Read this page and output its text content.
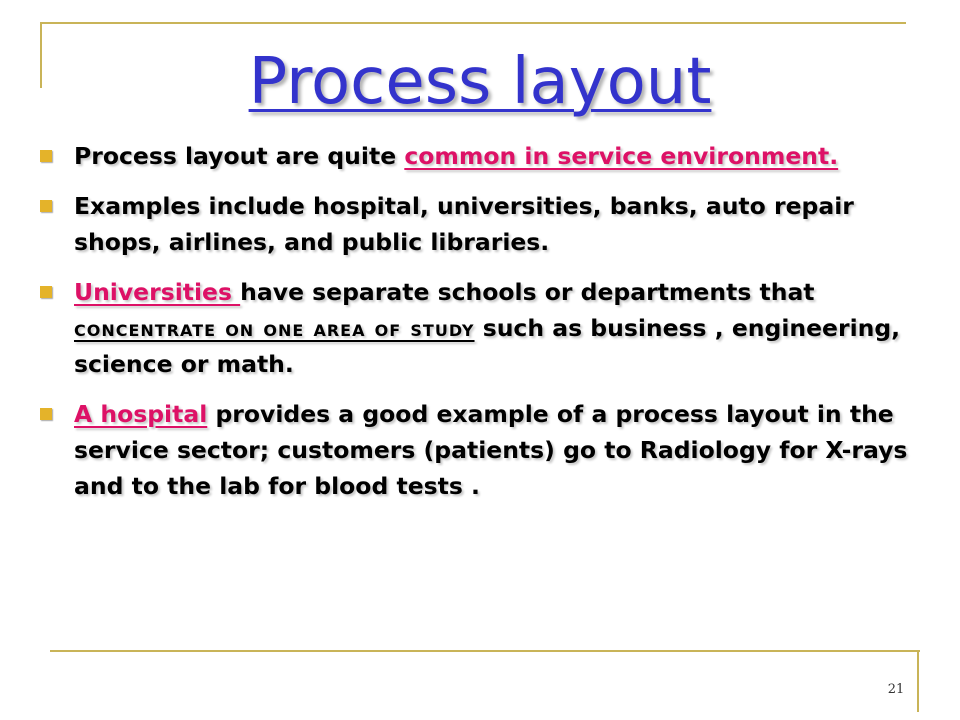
Process layout
Process layout are quite common in service environment.
Examples include hospital, universities, banks, auto repair shops, airlines, and public libraries.
Universities have separate schools or departments that concentrate on one area of study such as business , engineering, science or math.
A hospital provides a good example of a process layout in the service sector; customers (patients) go to Radiology for X-rays and to the lab for blood tests .
21
